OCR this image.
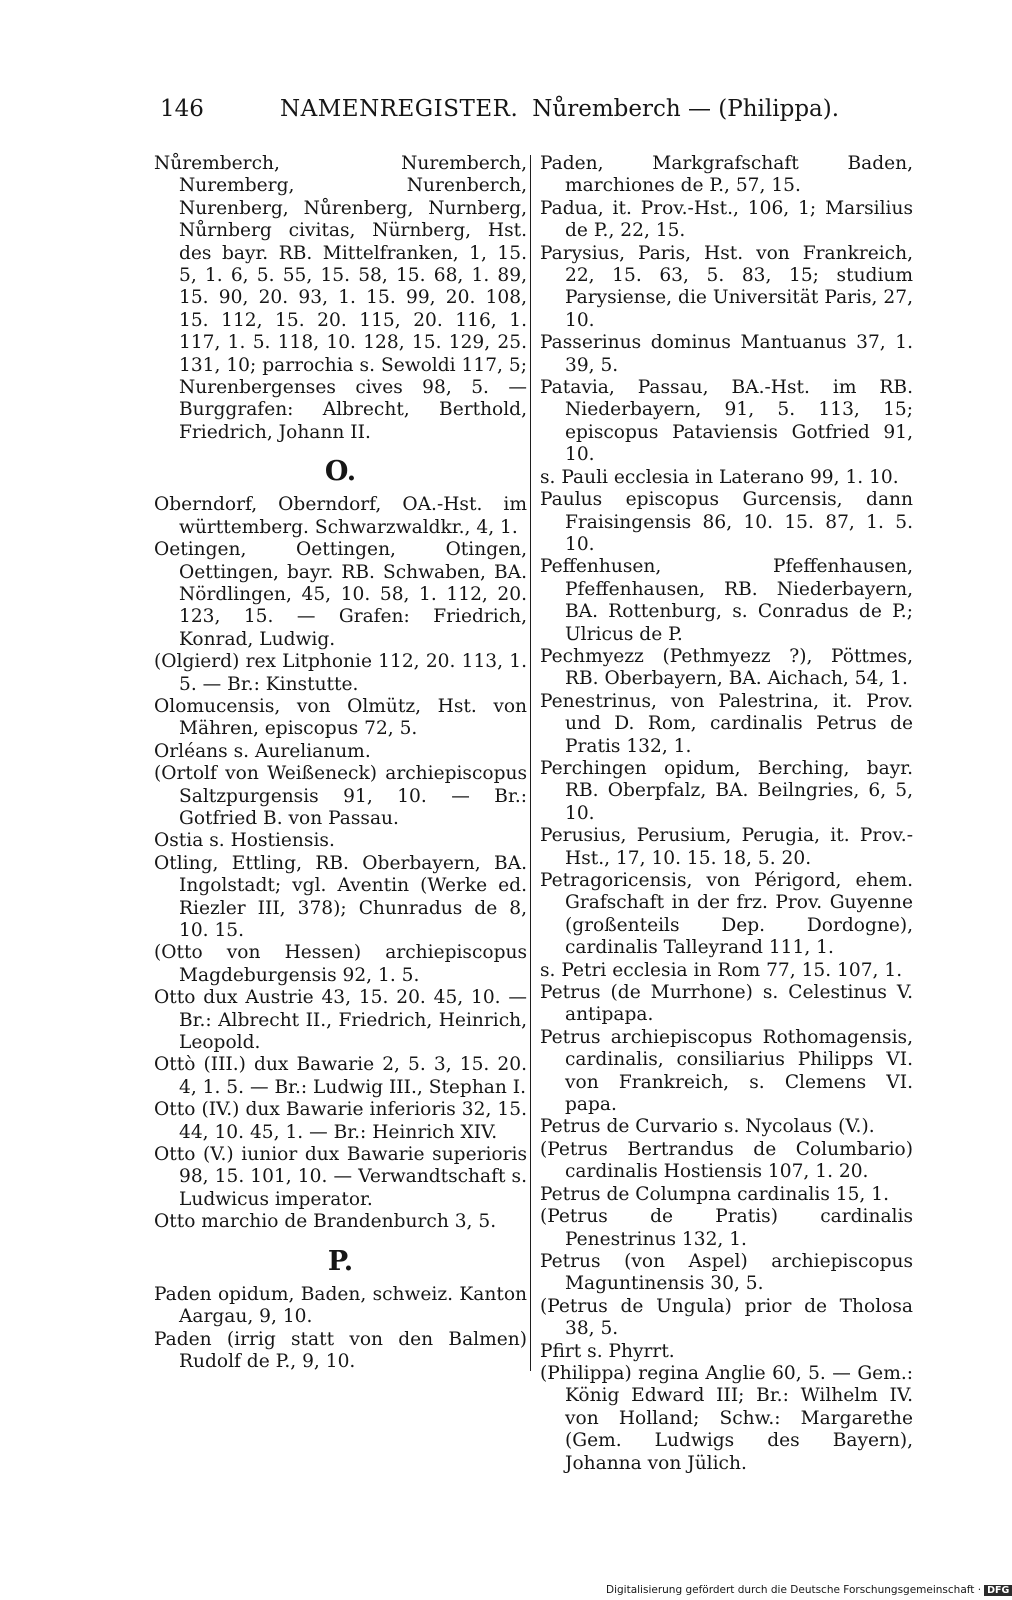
146	NAMENREGISTER. Nůremberch — (Philippa).
Nůremberch, Nuremberch, Nuremberg, Nurenberch, Nurenberg, Nůrenberg, Nurnberg, Nůrnberg civitas, Nürnberg, Hst. des bayr. RB. Mittelfranken, 1, 15. 5, 1. 6, 5. 55, 15. 58, 15. 68, 1. 89, 15. 90, 20. 93, 1. 15. 99, 20. 108, 15. 112, 15. 20. 115, 20. 116, 1. 117, 1. 5. 118, 10. 128, 15. 129, 25. 131, 10; parrochia s. Sewoldi 117, 5; Nurenbergenses cives 98, 5. — Burggrafen: Albrecht, Berthold, Friedrich, Johann II.
O.
Oberndorf, Oberndorf, OA.-Hst. im württemberg. Schwarzwaldkr., 4, 1.
Oetingen, Oettingen, Otingen, Oettingen, bayr. RB. Schwaben, BA. Nördlingen, 45, 10. 58, 1. 112, 20. 123, 15. — Grafen: Friedrich, Konrad, Ludwig.
(Olgierd) rex Litphonie 112, 20. 113, 1. 5. — Br.: Kinstutte.
Olomucensis, von Olmütz, Hst. von Mähren, episcopus 72, 5.
Orléans s. Aurelianum.
(Ortolf von Weißeneck) archiepiscopus Saltzpurgensis 91, 10. — Br.: Gotfried B. von Passau.
Ostia s. Hostiensis.
Otling, Ettling, RB. Oberbayern, BA. Ingolstadt; vgl. Aventin (Werke ed. Riezler III, 378); Chunradus de 8, 10. 15.
(Otto von Hessen) archiepiscopus Magdeburgensis 92, 1. 5.
Otto dux Austrie 43, 15. 20. 45, 10. — Br.: Albrecht II., Friedrich, Heinrich, Leopold.
Ottò (III.) dux Bawarie 2, 5. 3, 15. 20. 4, 1. 5. — Br.: Ludwig III., Stephan I.
Otto (IV.) dux Bawarie inferioris 32, 15. 44, 10. 45, 1. — Br.: Heinrich XIV.
Otto (V.) iunior dux Bawarie superioris 98, 15. 101, 10. — Verwandtschaft s. Ludwicus imperator.
Otto marchio de Brandenburch 3, 5.
P.
Paden opidum, Baden, schweiz. Kanton Aargau, 9, 10.
Paden (irrig statt von den Balmen) Rudolf de P., 9, 10.
Paden, Markgrafschaft Baden, marchiones de P., 57, 15.
Padua, it. Prov.-Hst., 106, 1; Marsilius de P., 22, 15.
Parysius, Paris, Hst. von Frankreich, 22, 15. 63, 5. 83, 15; studium Parysiense, die Universität Paris, 27, 10.
Passerinus dominus Mantuanus 37, 1. 39, 5.
Patavia, Passau, BA.-Hst. im RB. Niederbayern, 91, 5. 113, 15; episcopus Pataviensis Gotfried 91, 10.
s. Pauli ecclesia in Laterano 99, 1. 10.
Paulus episcopus Gurcensis, dann Fraisingensis 86, 10. 15. 87, 1. 5. 10.
Peffenhusen, Pfeffenhausen, Pfeffenhausen, RB. Niederbayern, BA. Rottenburg, s. Conradus de P.; Ulricus de P.
Pechmyezz (Pethmyezz ?), Pöttmes, RB. Oberbayern, BA. Aichach, 54, 1.
Penestrinus, von Palestrina, it. Prov. und D. Rom, cardinalis Petrus de Pratis 132, 1.
Perchingen opidum, Berching, bayr. RB. Oberpfalz, BA. Beilngries, 6, 5, 10.
Perusius, Perusium, Perugia, it. Prov.-Hst., 17, 10. 15. 18, 5. 20.
Petragoricensis, von Périgord, ehem. Grafschaft in der frz. Prov. Guyenne (großenteils Dep. Dordogne), cardinalis Talleyrand 111, 1.
s. Petri ecclesia in Rom 77, 15. 107, 1.
Petrus (de Murrhone) s. Celestinus V. antipapa.
Petrus archiepiscopus Rothomagensis, cardinalis, consiliarius Philipps VI. von Frankreich, s. Clemens VI. papa.
Petrus de Curvario s. Nycolaus (V.).
(Petrus Bertrandus de Columbario) cardinalis Hostiensis 107, 1. 20.
Petrus de Columpna cardinalis 15, 1.
(Petrus de Pratis) cardinalis Penestrinus 132, 1.
Petrus (von Aspel) archiepiscopus Maguntinensis 30, 5.
(Petrus de Ungula) prior de Tholosa 38, 5.
Pfirt s. Phyrrt.
(Philippa) regina Anglie 60, 5. — Gem.: König Edward III; Br.: Wilhelm IV. von Holland; Schw.: Margarethe (Gem. Ludwigs des Bayern), Johanna von Jülich.
Digitalisierung gefördert durch die Deutsche Forschungsgemeinschaft · DFG
